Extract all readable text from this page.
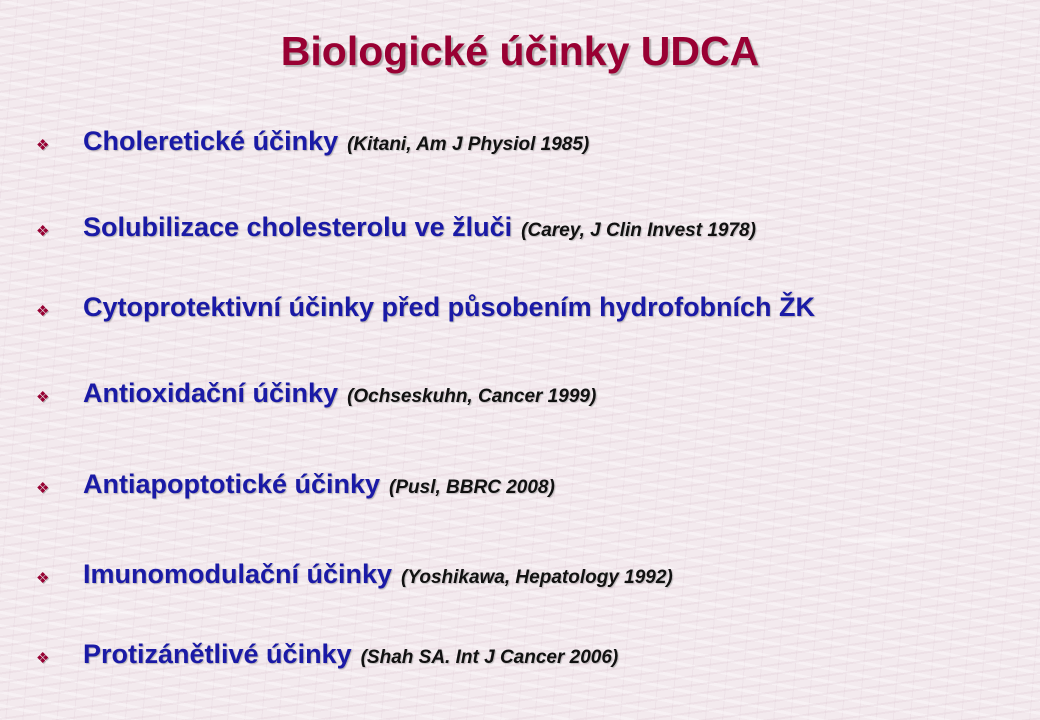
Biologické účinky UDCA
❖ Choleretické účinky (Kitani, Am J Physiol 1985)
❖ Solubilizace cholesterolu ve žluči (Carey, J Clin Invest 1978)
❖ Cytoprotektivní účinky před působením hydrofobních ŽK
❖ Antioxidační účinky (Ochseskuhn, Cancer 1999)
❖ Antiapoptotické účinky (Pusl, BBRC 2008)
❖ Imunomodulační účinky (Yoshikawa, Hepatology 1992)
❖ Protizánětlivé účinky (Shah SA. Int J Cancer 2006)
